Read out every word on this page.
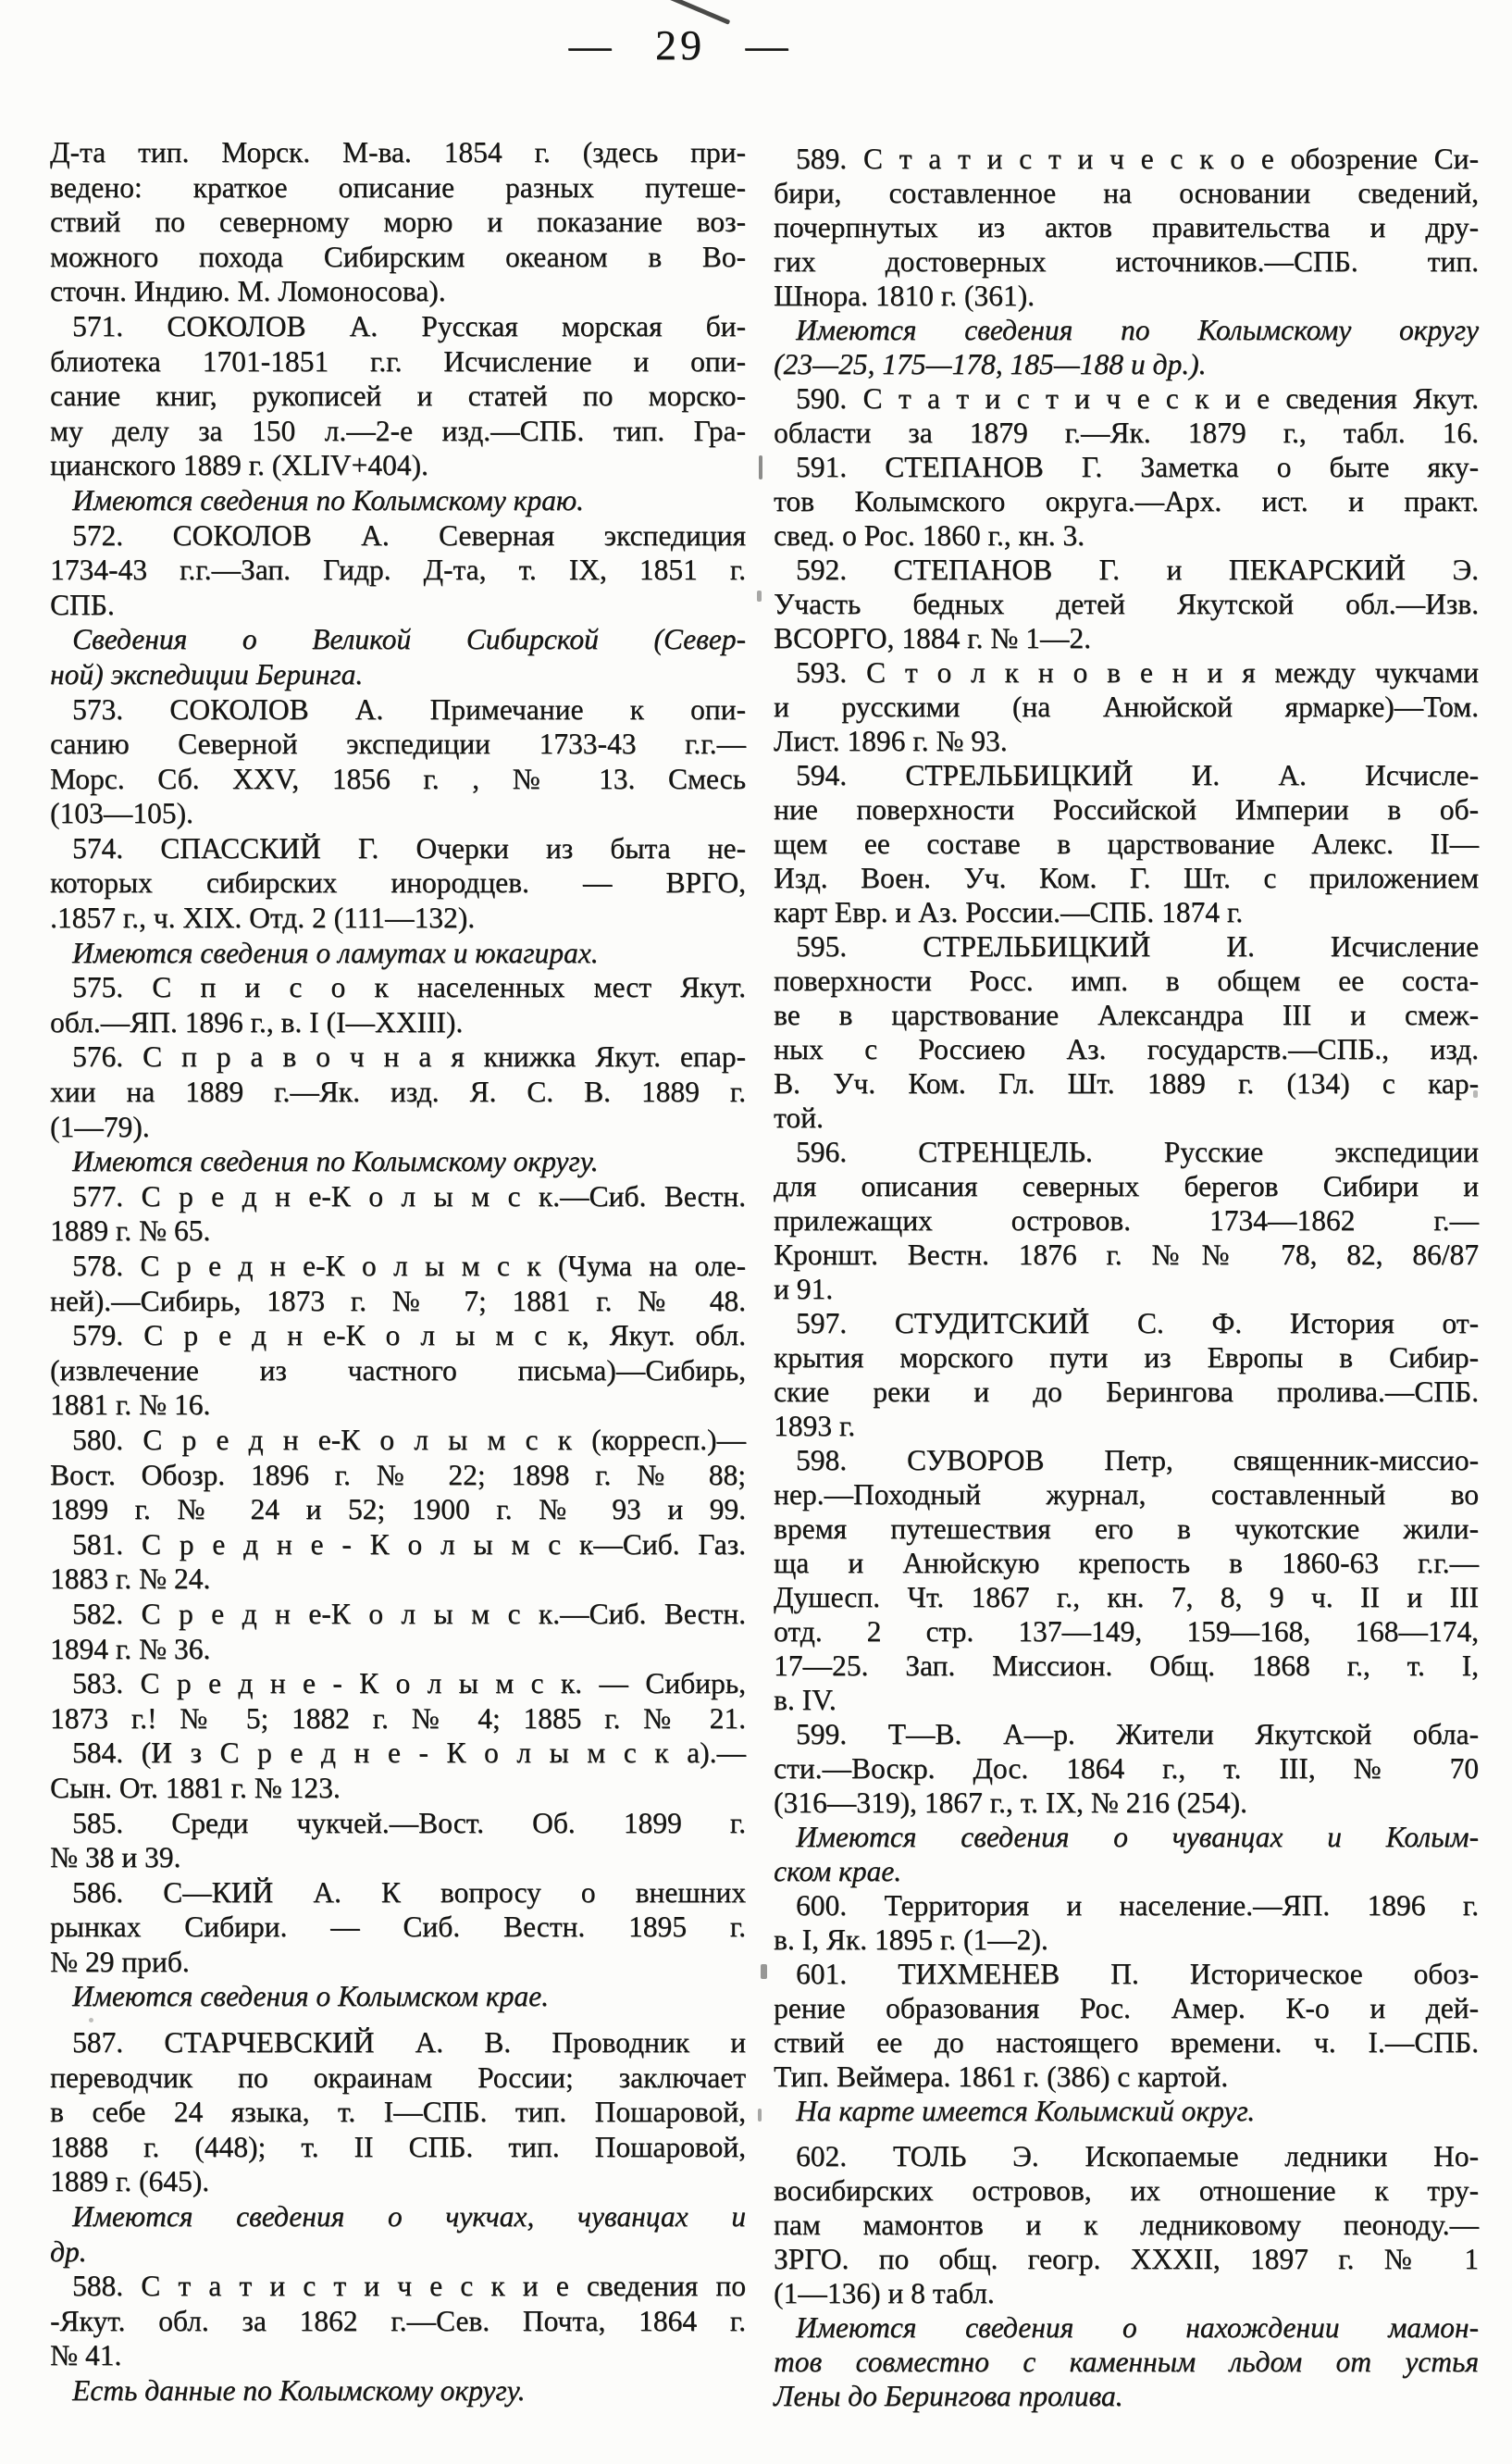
— 29 —
Д-та тип. Морск. М-ва. 1854 г. (здесь при-
ведено: краткое описание разных путеше-
ствий по северному морю и показание воз-
можного похода Сибирским океаном в Во-
сточн. Индию. М. Ломоносова).
571. СОКОЛОВ А. Русская морская би-
блиотека 1701-1851 г.г. Исчисление и опи-
сание книг, рукописей и статей по морско-
му делу за 150 л.—2-е изд.—СПБ. тип. Гра-
цианского 1889 г. (XLIV+404).
Имеются сведения по Колымскому краю.
572. СОКОЛОВ А. Северная экспедиция
1734-43 г.г.—Зап. Гидр. Д-та, т. IX, 1851 г.
СПБ.
Сведения о Великой Сибирской (Север-
ной) экспедиции Беринга.
573. СОКОЛОВ А. Примечание к опи-
санию Северной экспедиции 1733-43 г.г.—
Морс. Сб. XXV, 1856 г. , № 13. Смесь
(103—105).
574. СПАССКИЙ Г. Очерки из быта не-
которых сибирских инородцев. — ВРГО,
.1857 г., ч. XIX. Отд. 2 (111—132).
Имеются сведения о ламутах и юкагирах.
575. С п и с о к населенных мест Якут.
обл.—ЯП. 1896 г., в. I (I—XXIII).
576. С п р а в о ч н а я книжка Якут. епар-
хии на 1889 г.—Як. изд. Я. С. В. 1889 г.
(1—79).
Имеются сведения по Колымскому округу.
577. С р е д н е-К о л ы м с к.—Сиб. Вестн.
1889 г. № 65.
578. С р е д н е-К о л ы м с к (Чума на оле-
ней).—Сибирь, 1873 г. № 7; 1881 г. № 48.
579. С р е д н е-К о л ы м с к, Якут. обл.
(извлечение из частного письма)—Сибирь,
1881 г. № 16.
580. С р е д н е-К о л ы м с к (корресп.)—
Вост. Обозр. 1896 г. № 22; 1898 г. № 88;
1899 г. № 24 и 52; 1900 г. № 93 и 99.
581. С р е д н е - К о л ы м с к—Сиб. Газ.
1883 г. № 24.
582. С р е д н е-К о л ы м с к.—Сиб. Вестн.
1894 г. № 36.
583. С р е д н е - К о л ы м с к. — Сибирь,
1873 г.! № 5; 1882 г. № 4; 1885 г. № 21.
584. (И з С р е д н е - К о л ы м с к а).—
Сын. От. 1881 г. № 123.
585. Среди чукчей.—Вост. Об. 1899 г.
№ 38 и 39.
586. С—КИЙ А. К вопросу о внешних
рынках Сибири. — Сиб. Вестн. 1895 г.
№ 29 приб.
Имеются сведения о Колымском крае.
587. СТАРЧЕВСКИЙ А. В. Проводник и
переводчик по окраинам России; заключает
в себе 24 языка, т. I—СПБ. тип. Пошаровой,
1888 г. (448); т. II СПБ. тип. Пошаровой,
1889 г. (645).
Имеются сведения о чукчах, чуванцах и
др.
588. С т а т и с т и ч е с к и е сведения по
-Якут. обл. за 1862 г.—Сев. Почта, 1864 г.
№ 41.
Есть данные по Колымскому округу.
589. С т а т и с т и ч е с к о е обозрение Си-
бири, составленное на основании сведений,
почерпнутых из актов правительства и дру-
гих достоверных источников.—СПБ. тип.
Шнора. 1810 г. (361).
Имеются сведения по Колымскому округу
(23—25, 175—178, 185—188 и др.).
590. С т а т и с т и ч е с к и е сведения Якут.
области за 1879 г.—Як. 1879 г., табл. 16.
591. СТЕПАНОВ Г. Заметка о быте яку-
тов Колымского округа.—Арх. ист. и практ.
свед. о Рос. 1860 г., кн. 3.
592. СТЕПАНОВ Г. и ПЕКАРСКИЙ Э.
Участь бедных детей Якутской обл.—Изв.
ВСОРГО, 1884 г. № 1—2.
593. С т о л к н о в е н и я между чукчами
и русскими (на Анюйской ярмарке)—Том.
Лист. 1896 г. № 93.
594. СТРЕЛЬБИЦКИЙ И. А. Исчисле-
ние поверхности Российской Империи в об-
щем ее составе в царствование Алекс. II—
Изд. Воен. Уч. Ком. Г. Шт. с приложением
карт Евр. и Аз. России.—СПБ. 1874 г.
595. СТРЕЛЬБИЦКИЙ И. Исчисление
поверхности Росс. имп. в общем ее соста-
ве в царствование Александра III и смеж-
ных с Россиею Аз. государств.—СПБ., изд.
В. Уч. Ком. Гл. Шт. 1889 г. (134) с кар-
той.
596. СТРЕНЦЕЛЬ. Русские экспедиции
для описания северных берегов Сибири и
прилежащих островов. 1734—1862 г.—
Кроншт. Вестн. 1876 г. №№ 78, 82, 86/87
и 91.
597. СТУДИТСКИЙ С. Ф. История от-
крытия морского пути из Европы в Сибир-
ские реки и до Берингова пролива.—СПБ.
1893 г.
598. СУВОРОВ Петр, священник-миссио-
нер.—Походный журнал, составленный во
время путешествия его в чукотские жили-
ща и Анюйскую крепость в 1860-63 г.г.—
Душесп. Чт. 1867 г., кн. 7, 8, 9 ч. II и III
отд. 2 стр. 137—149, 159—168, 168—174,
17—25. Зап. Миссион. Общ. 1868 г., т. I,
в. IV.
599. Т—В. А—р. Жители Якутской обла-
сти.—Воскр. Дос. 1864 г., т. III, № 70
(316—319), 1867 г., т. IX, № 216 (254).
Имеются сведения о чуванцах и Колым-
ском крае.
600. Территория и население.—ЯП. 1896 г.
в. I, Як. 1895 г. (1—2).
601. ТИХМЕНЕВ П. Историческое обоз-
рение образования Рос. Амер. К-о и дей-
ствий ее до настоящего времени. ч. I.—СПБ.
Тип. Веймера. 1861 г. (386) с картой.
На карте имеется Колымский округ.
602. ТОЛЬ Э. Ископаемые ледники Но-
восибирских островов, их отношение к тру-
пам мамонтов и к ледниковому пеоноду.—
ЗРГО. по общ. геогр. XXXII, 1897 г. № 1
(1—136) и 8 табл.
Имеются сведения о нахождении мамон-
тов совместно с каменным льдом от устья
Лены до Берингова пролива.
